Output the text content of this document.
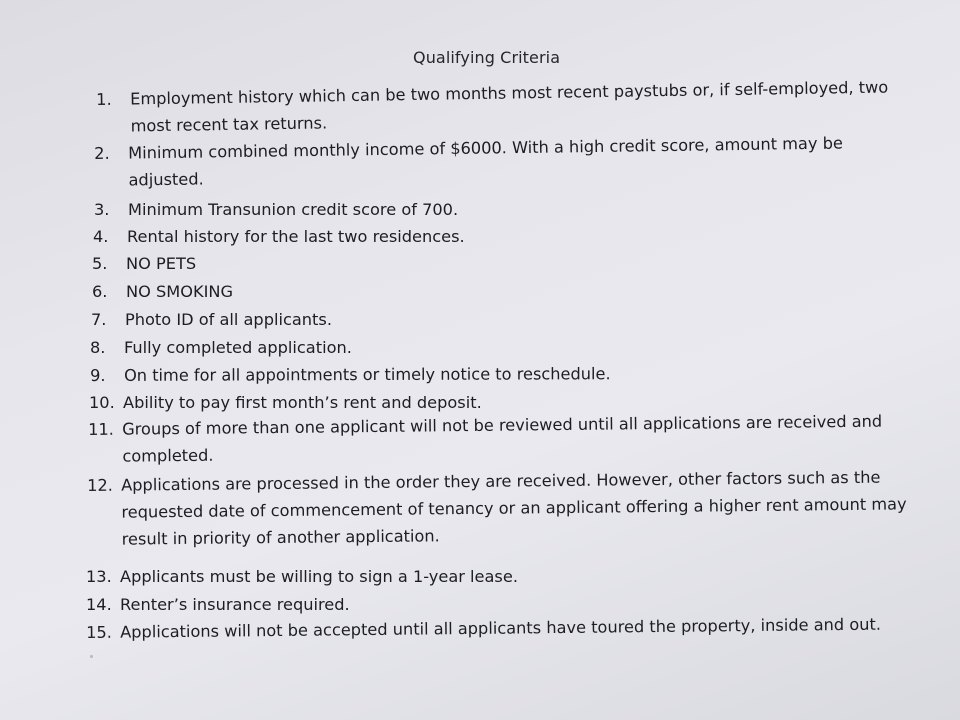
Qualifying Criteria
1. Employment history which can be two months most recent paystubs or, if self-employed, two
most recent tax returns.
2. Minimum combined monthly income of $6000. With a high credit score, amount may be
adjusted.
3. Minimum Transunion credit score of 700.
4. Rental history for the last two residences.
5. NO PETS
6. NO SMOKING
7. Photo ID of all applicants.
8. Fully completed application.
9. On time for all appointments or timely notice to reschedule.
10. Ability to pay first month’s rent and deposit.
11. Groups of more than one applicant will not be reviewed until all applications are received and
completed.
12. Applications are processed in the order they are received. However, other factors such as the
requested date of commencement of tenancy or an applicant offering a higher rent amount may
result in priority of another application.
13. Applicants must be willing to sign a 1-year lease.
14. Renter’s insurance required.
15. Applications will not be accepted until all applicants have toured the property, inside and out.
